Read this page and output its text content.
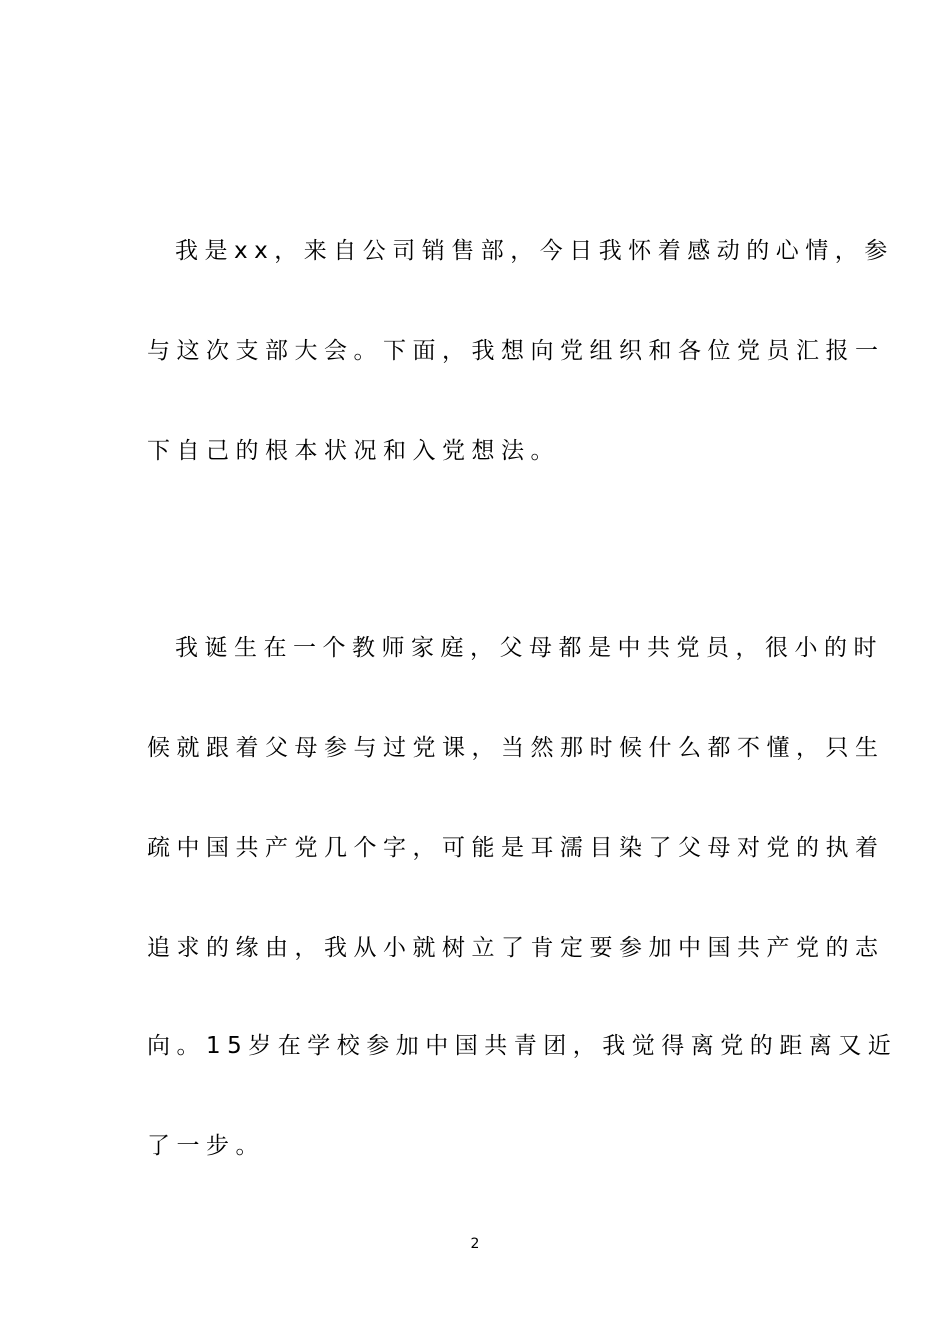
我是xx，来自公司销售部，今日我怀着感动的心情，参
与这次支部大会。下面，我想向党组织和各位党员汇报一
下自己的根本状况和入党想法。
我诞生在一个教师家庭，父母都是中共党员，很小的时
候就跟着父母参与过党课，当然那时候什么都不懂，只生
疏中国共产党几个字，可能是耳濡目染了父母对党的执着
追求的缘由，我从小就树立了肯定要参加中国共产党的志
向。15岁在学校参加中国共青团，我觉得离党的距离又近
了一步。
2
